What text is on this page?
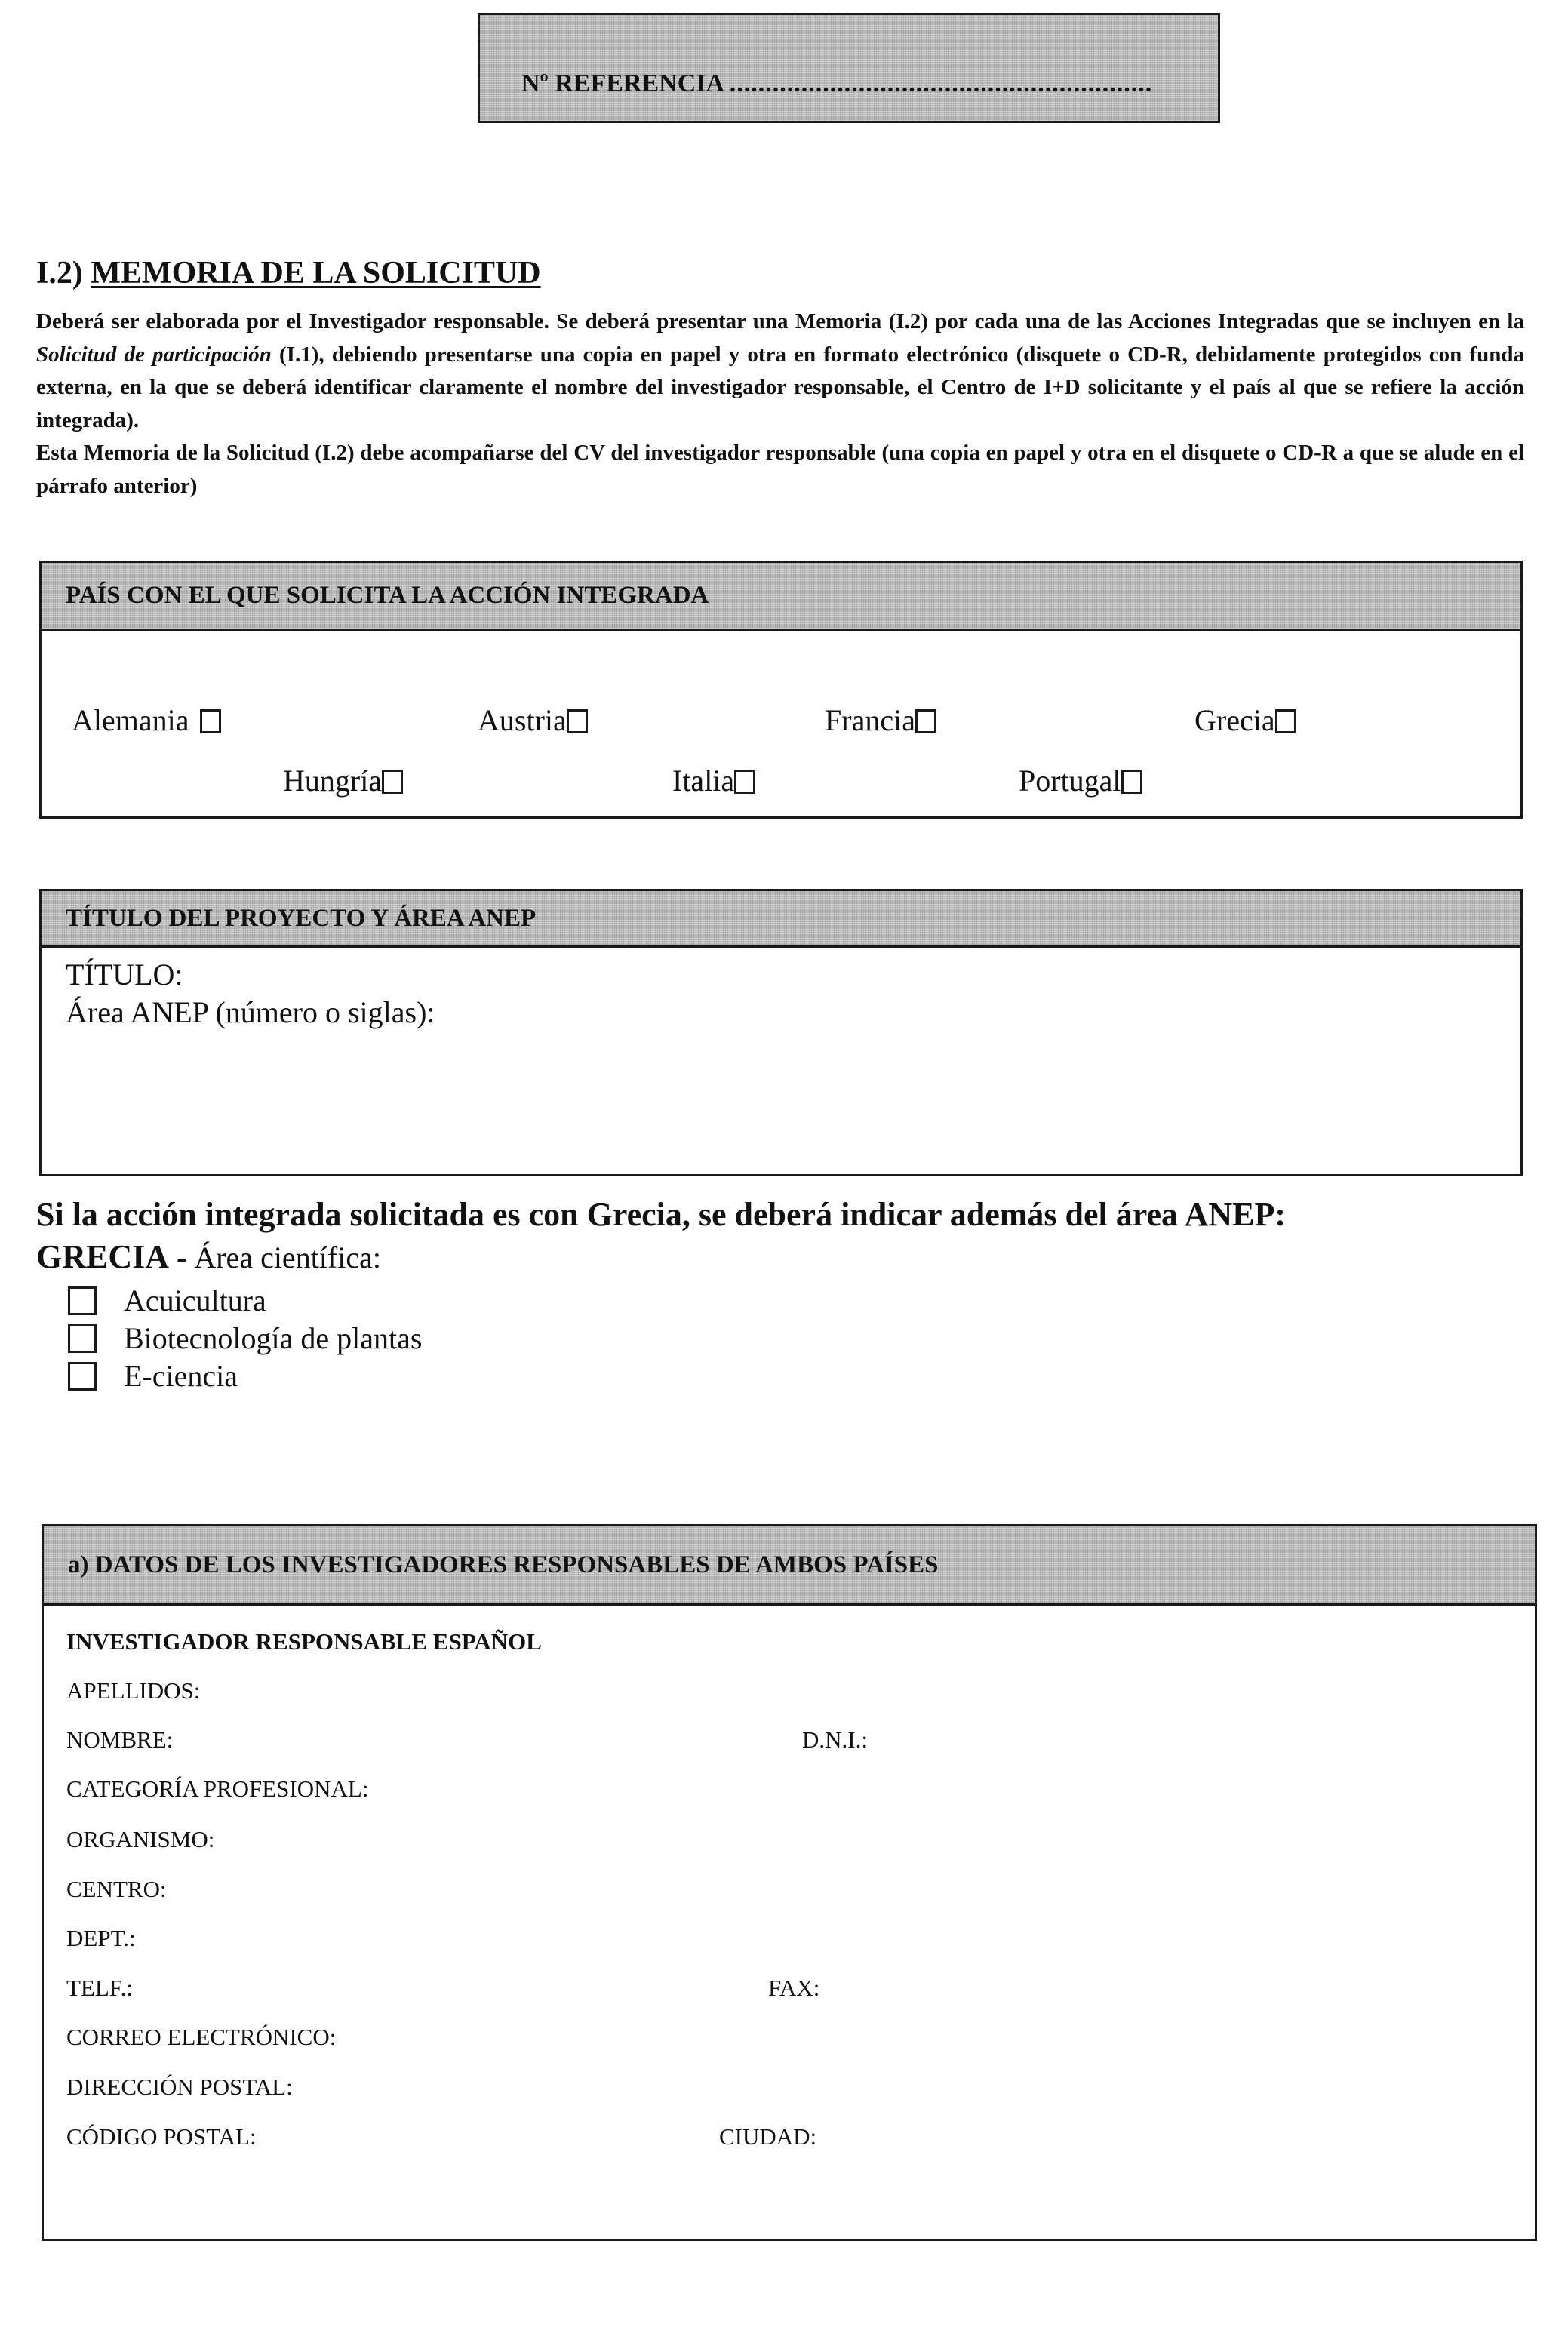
Nº REFERENCIA ...........................................................
I.2) MEMORIA DE LA SOLICITUD

Deberá ser elaborada por el Investigador responsable. Se deberá presentar una Memoria (I.2) por cada una de las Acciones Integradas que se incluyen en la Solicitud de participación (I.1), debiendo presentarse una copia en papel y otra en formato electrónico (disquete o CD-R, debidamente protegidos con funda externa, en la que se deberá identificar claramente el nombre del investigador responsable, el Centro de I+D solicitante y el país al que se refiere la acción integrada).

Esta Memoria de la Solicitud (I.2) debe acompañarse del CV del investigador responsable (una copia en papel y otra en el disquete o CD-R a que se alude en el párrafo anterior)

PAÍS CON EL QUE SOLICITA LA ACCIÓN INTEGRADA
Alemania	Austria	Francia	Grecia
Hungría	Italia	Portugal
TÍTULO DEL PROYECTO Y ÁREA ANEP
TÍTULO:
Área ANEP (número o siglas):
Si la acción integrada solicitada es con Grecia, se deberá indicar además del área ANEP:
GRECIA - Área científica:
Acuicultura
Biotecnología de plantas
E-ciencia
a) DATOS DE LOS INVESTIGADORES RESPONSABLES DE AMBOS PAÍSES
INVESTIGADOR RESPONSABLE ESPAÑOL
APELLIDOS:
NOMBRE:	D.N.I.:
CATEGORÍA PROFESIONAL:
ORGANISMO:
CENTRO:
DEPT.:
TELF.:	FAX:
CORREO ELECTRÓNICO:
DIRECCIÓN POSTAL:
CÓDIGO POSTAL:	CIUDAD:
